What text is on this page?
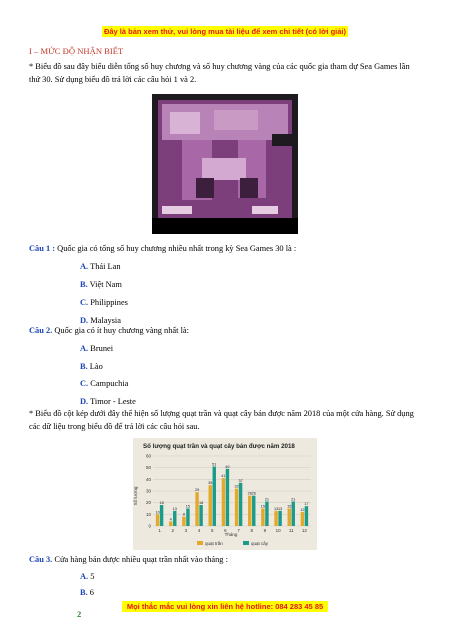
Đây là bản xem thử, vui lòng mua tài liệu để xem chi tiết (có lời giải)
I – MỨC ĐỘ NHẬN BIẾT
* Biểu đồ sau đây biểu diễn tổng số huy chương và số huy chương vàng của các quốc gia tham dự Sea Games lần thứ 30. Sử dụng biểu đồ trả lời các câu hỏi 1 và 2.
Câu 1 : Quốc gia có tổng số huy chương nhiều nhất trong kỳ Sea Games 30 là :
A. Thái Lan
B. Việt Nam
C. Philippines
D. Malaysia
Câu 2. Quốc gia có ít huy chương vàng nhất là:
A. Brunei
B. Lào
C. Campuchia
D. Timor - Leste
* Biểu đồ cột kép dưới đây thể hiện số lượng quạt trần và quạt cây bán được năm 2018 của một cửa hàng. Sử dụng các dữ liệu trong biểu đồ để trả lời các câu hỏi sau.
Số lượng quạt trần và quạt cây bán được năm 2018
0
10
20
30
40
50
60
10
18
1
4
13
2
8
15
3
29
18
4
35
51
5
41
49
6
32
37
7
26 26
8
15
21
9
13 13
10
15
21
11
12
17
12
Số lượng
Tháng
quạt trần	quạt cây
Câu 3. Cửa hàng bán được nhiều quạt trần nhất vào tháng :
A. 5
B. 6
Mọi thắc mắc vui lòng xin liên hệ hotline: 084 283 45 85
2
